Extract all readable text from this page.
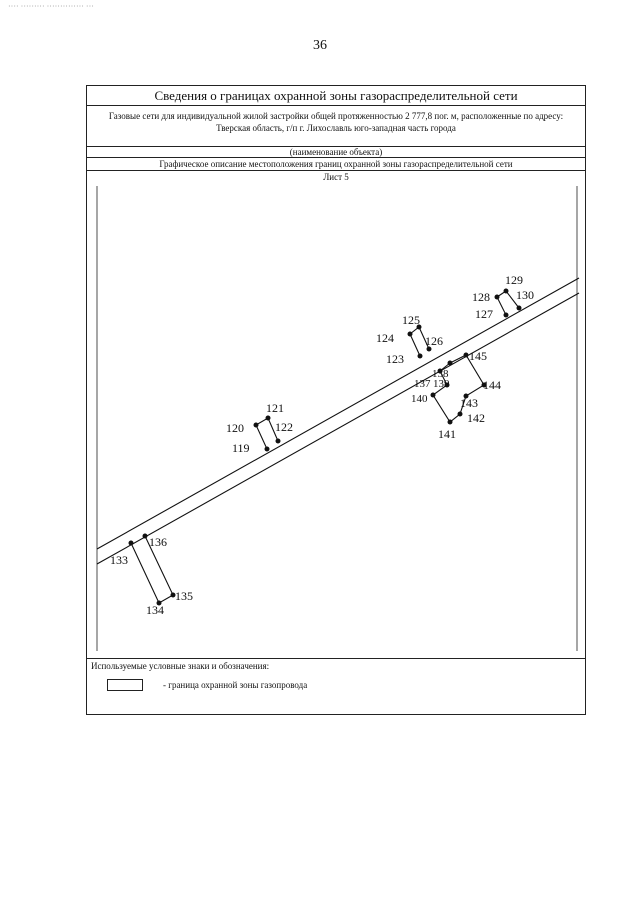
···· ········· ·············· ···
36
Сведения о границах охранной зоны газораспределительной сети
Газовые сети для индивидуальной жилой застройки общей протяженностью 2 777,8 пог. м, расположенные по адресу: Тверская область, г/п г. Лихославль юго-западная часть города
(наименование объекта)
Графическое описание местоположения границ охранной зоны газораспределительной сети
Лист 5
133
134
135
136
119
120
121
122
123
124
125
126
127
128
129
130
137
138
139
140
141
142
143
144
145
Используемые условные знаки и обозначения:
- граница охранной зоны газопровода
